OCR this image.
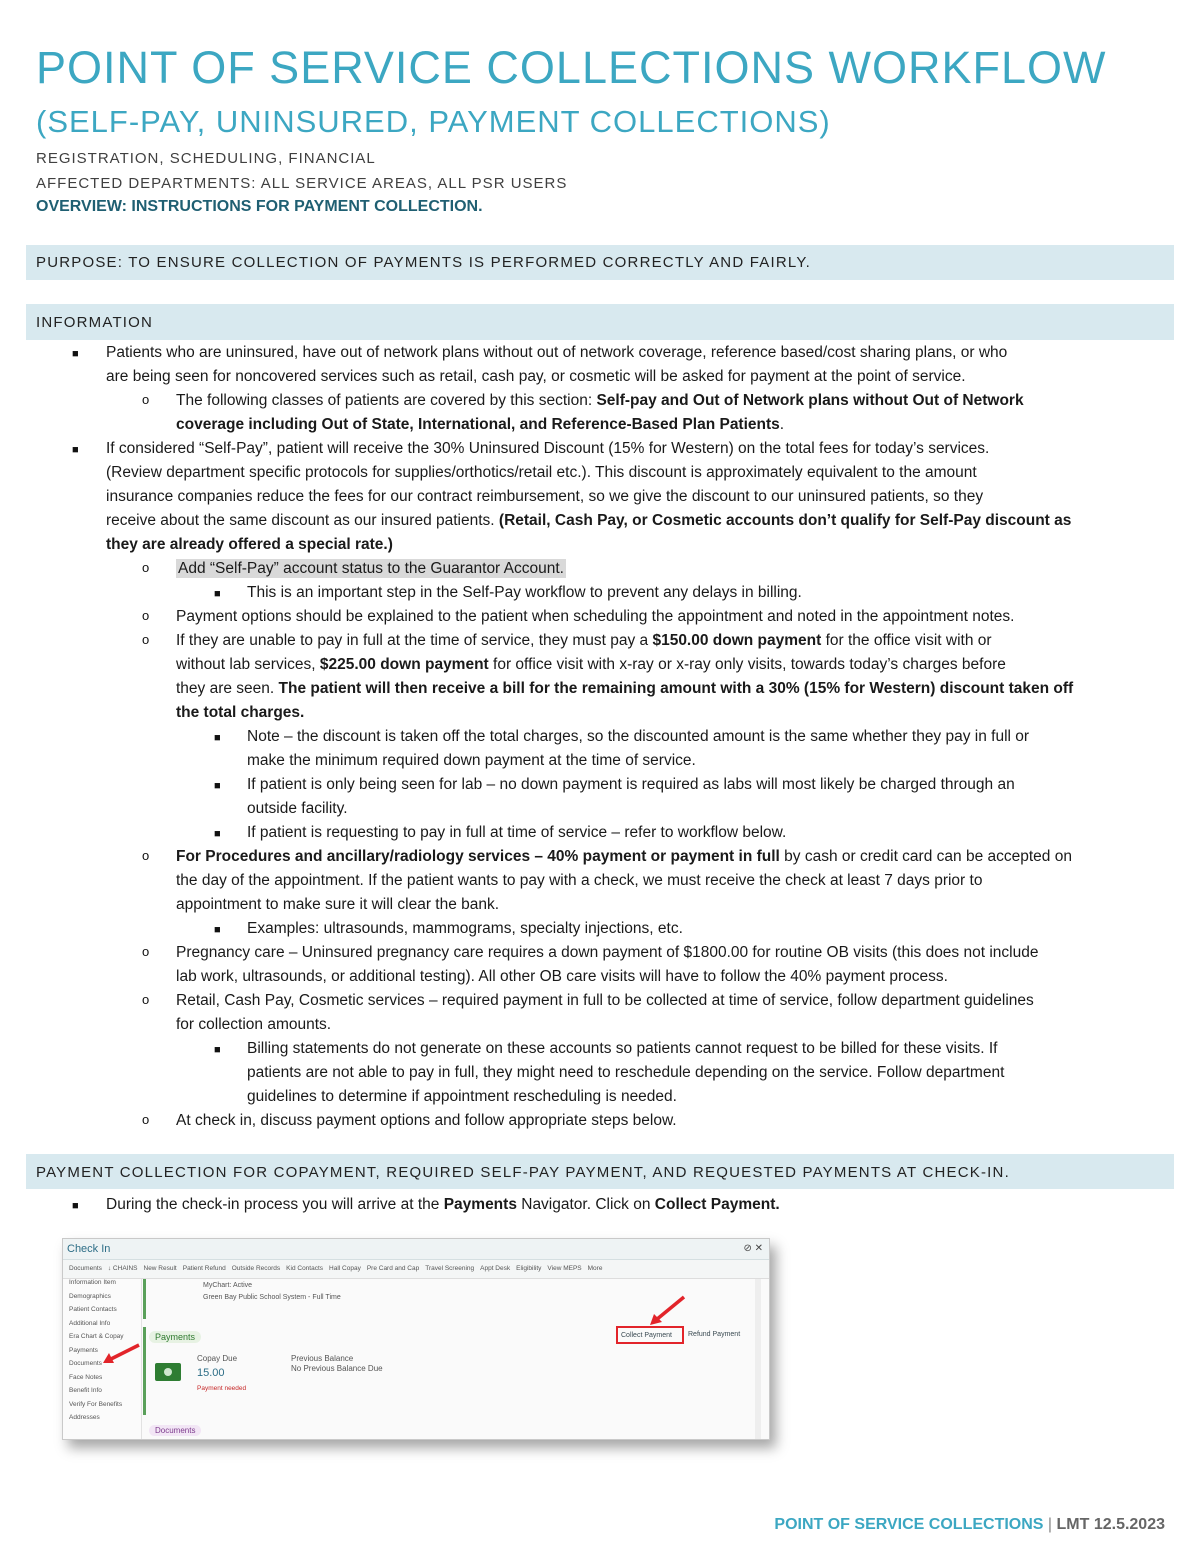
POINT OF SERVICE COLLECTIONS WORKFLOW
(SELF-PAY, UNINSURED, PAYMENT COLLECTIONS)
REGISTRATION, SCHEDULING, FINANCIAL
AFFECTED DEPARTMENTS: ALL SERVICE AREAS, ALL PSR USERS
OVERVIEW: INSTRUCTIONS FOR PAYMENT COLLECTION.
PURPOSE: TO ENSURE COLLECTION OF PAYMENTS IS PERFORMED CORRECTLY AND FAIRLY.
INFORMATION
■ Patients who are uninsured, have out of network plans without out of network coverage, reference based/cost sharing plans, or who
are being seen for noncovered services such as retail, cash pay, or cosmetic will be asked for payment at the point of service.
o The following classes of patients are covered by this section: Self-pay and Out of Network plans without Out of Network
coverage including Out of State, International, and Reference-Based Plan Patients.
■ If considered “Self-Pay”, patient will receive the 30% Uninsured Discount (15% for Western) on the total fees for today’s services.
(Review department specific protocols for supplies/orthotics/retail etc.). This discount is approximately equivalent to the amount
insurance companies reduce the fees for our contract reimbursement, so we give the discount to our uninsured patients, so they
receive about the same discount as our insured patients. (Retail, Cash Pay, or Cosmetic accounts don’t qualify for Self-Pay discount as
they are already offered a special rate.)
o Add “Self-Pay” account status to the Guarantor Account.
■ This is an important step in the Self-Pay workflow to prevent any delays in billing.
o Payment options should be explained to the patient when scheduling the appointment and noted in the appointment notes.
o If they are unable to pay in full at the time of service, they must pay a $150.00 down payment for the office visit with or
without lab services, $225.00 down payment for office visit with x-ray or x-ray only visits, towards today’s charges before
they are seen. The patient will then receive a bill for the remaining amount with a 30% (15% for Western) discount taken off
the total charges.
■ Note – the discount is taken off the total charges, so the discounted amount is the same whether they pay in full or
make the minimum required down payment at the time of service.
■ If patient is only being seen for lab – no down payment is required as labs will most likely be charged through an
outside facility.
■ If patient is requesting to pay in full at time of service – refer to workflow below.
o For Procedures and ancillary/radiology services – 40% payment or payment in full by cash or credit card can be accepted on
the day of the appointment. If the patient wants to pay with a check, we must receive the check at least 7 days prior to
appointment to make sure it will clear the bank.
■ Examples: ultrasounds, mammograms, specialty injections, etc.
o Pregnancy care – Uninsured pregnancy care requires a down payment of $1800.00 for routine OB visits (this does not include
lab work, ultrasounds, or additional testing). All other OB care visits will have to follow the 40% payment process.
o Retail, Cash Pay, Cosmetic services – required payment in full to be collected at time of service, follow department guidelines
for collection amounts.
■ Billing statements do not generate on these accounts so patients cannot request to be billed for these visits. If
patients are not able to pay in full, they might need to reschedule depending on the service. Follow department
guidelines to determine if appointment rescheduling is needed.
o At check in, discuss payment options and follow appropriate steps below.
PAYMENT COLLECTION FOR COPAYMENT, REQUIRED SELF-PAY PAYMENT, AND REQUESTED PAYMENTS AT CHECK-IN.
■ During the check-in process you will arrive at the Payments Navigator. Click on Collect Payment.
Check In	⊘ ✕
Documents ↓ CHAINS New Result Patient Refund Outside Records Kid Contacts Hall Copay Pre Card and Cap Travel Screening Appt Desk Eligibility View MEPS More
Information Item
Demographics
Patient Contacts
Additional Info
Era Chart & Copay
Payments
Documents
Face Notes
Benefit Info
Verify For Benefits
Addresses
MyChart: Active
Green Bay Public School System - Full Time
Payments	Collect Payment	Refund Payment
Copay Due
15.00
Payment needed
Previous Balance
No Previous Balance Due
Documents
POINT OF SERVICE COLLECTIONS | LMT 12.5.2023
